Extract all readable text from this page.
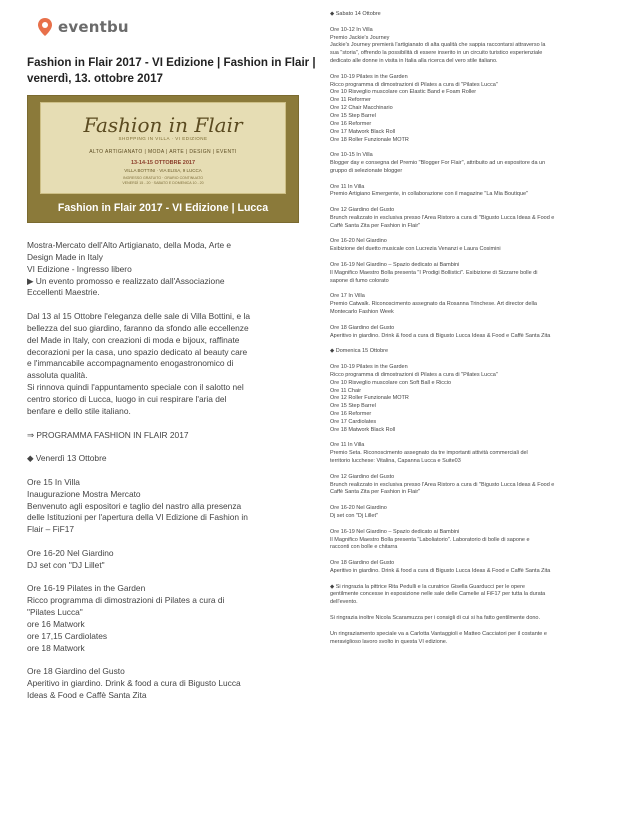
eventbu
Fashion in Flair 2017 - VI Edizione | Fashion in Flair |
venerdì, 13. ottobre 2017
Fashion in Flair
SHOPPING IN VILLA · VI EDIZIONE
ALTO ARTIGIANATO | MODA | ARTE | DESIGN | EVENTI
13-14-15 OTTOBRE 2017
VILLA BOTTINI · VIA ELISA, 9 LUCCA
INGRESSO GRATUITO · ORARIO CONTINUATO
VENERDÌ 15 - 20 · SABATO E DOMENICA 10 - 20
Fashion in Flair 2017 - VI Edizione | Lucca
Mostra-Mercato dell'Alto Artigianato, della Moda, Arte e
Design Made in Italy
VI Edizione - Ingresso libero
▶ Un evento promosso e realizzato dall'Associazione
Eccellenti Maestrie.
Dal 13 al 15 Ottobre l'eleganza delle sale di Villa Bottini, e la
bellezza del suo giardino, faranno da sfondo alle eccellenze
del Made in Italy, con creazioni di moda e bijoux, raffinate
decorazioni per la casa, uno spazio dedicato al beauty care
e l'immancabile accompagnamento enogastronomico di
assoluta qualità.
Si rinnova quindi l'appuntamento speciale con il salotto nel
centro storico di Lucca, luogo in cui respirare l'aria del
benfare e dello stile italiano.
⇒ PROGRAMMA FASHION IN FLAIR 2017
◆ Venerdì 13 Ottobre
Ore 15 In Villa
Inaugurazione Mostra Mercato
Benvenuto agli espositori e taglio del nastro alla presenza
delle Istituzioni per l'apertura della VI Edizione di Fashion in
Flair – FiF17
Ore 16-20 Nel Giardino
DJ set con "DJ Lillet"
Ore 16-19 Pilates in the Garden
Ricco programma di dimostrazioni di Pilates a cura di
"Pilates Lucca"
ore 16 Matwork
ore 17,15 Cardiolates
ore 18 Matwork
Ore 18 Giardino del Gusto
Aperitivo in giardino. Drink & food a cura di Bigusto Lucca
Ideas & Food e Caffè Santa Zita
◆ Sabato 14 Ottobre
Ore 10-12 In Villa
Premio Jackie's Journey
Jackie's Journey premierà l'artigianato di alta qualità che sappia raccontarsi attraverso la
sua "storia", offrendo la possibilità di essere inserito in un circuito turistico esperienziale
dedicato alle donne in visita in Italia alla ricerca del vero stile italiano.
Ore 10-19 Pilates in the Garden
Ricco programma di dimostrazioni di Pilates a cura di "Pilates Lucca"
Ore 10 Risveglio muscolare con Elastic Band e Foam Roller
Ore 11 Reformer
Ore 12 Chair Macchinario
Ore 15 Step Barrel
Ore 16 Reformer
Ore 17 Matwork Black Roll
Ore 18 Roller Funzionale MOTR
Ore 10-15 In Villa
Blogger day e consegna del Premio "Blogger For Flair", attribuito ad un espositore da un
gruppo di selezionate blogger
Ore 11 In Villa
Premio Artigiano Emergente, in collaborazione con il magazine "La Mia Boutique"
Ore 12 Giardino del Gusto
Brunch realizzato in esclusiva presso l'Area Ristoro a cura di "Bigusto Lucca Ideas & Food e
Caffè Santa Zita per Fashion in Flair"
Ore 16-20 Nel Giardino
Esibizione del duetto musicale con Lucrezia Venanzi e Laura Cosimini
Ore 16-19 Nel Giardino – Spazio dedicato ai Bambini
Il Magnifico Maestro Bolla presenta "I Prodigi Bollistici". Esibizione di Sizzarre bolle di
sapone di fumo colorato
Ore 17 In Villa
Premio Catwalk. Riconoscimento assegnato da Rosanna Trinchese. Art director della
Montecarlo Fashion Week
Ore 18 Giardino del Gusto
Aperitivo in giardino. Drink & food a cura di Bigusto Lucca Ideas & Food e Caffè Santa Zita
◆ Domenica 15 Ottobre
Ore 10-19 Pilates in the Garden
Ricco programma di dimostrazioni di Pilates a cura di "Pilates Lucca"
Ore 10 Risveglio muscolare con Soft Ball e Riccio
Ore 11 Chair
Ore 12 Roller Funzionale MOTR
Ore 15 Step Barrel
Ore 16 Reformer
Ore 17 Cardiolates
Ore 18 Matwork Black Roll
Ore 11 In Villa
Premio Seta. Riconoscimento assegnato da tre importanti attività commerciali del
territorio lucchese: Vitalina, Capanna Lucca e Suite03
Ore 12 Giardino del Gusto
Brunch realizzato in esclusiva presso l'Area Ristoro a cura di "Bigusto Lucca Ideas & Food e
Caffè Santa Zita per Fashion in Flair"
Ore 16-20 Nel Giardino
Dj set con "Dj Lillet"
Ore 16-19 Nel Giardino – Spazio dedicato ai Bambini
Il Magnifico Maestro Bolla presenta "Laboliatorio". Laboratorio di bolle di sapone e
racconti con bolle e chitarra
Ore 18 Giardino del Gusto
Aperitivo in giardino. Drink & food a cura di Bigusto Lucca Ideas & Food e Caffè Santa Zita
◆ Si ringrazia la pittrice Rita Pedulli e la curatrice Gisella Guarducci per le opere
gentilmente concesse in esposizione nelle sale delle Camelie al FiF17 per tutta la durata
dell'evento.
Si ringrazia inoltre Nicola Scaramuzza per i consigli di cui si ha fatto gentilmente dono.
Un ringraziamento speciale va a Carlotta Vantaggioli e Matteo Cacciatori per il costante e
meraviglioso lavoro svolto in questa VI edizione.
